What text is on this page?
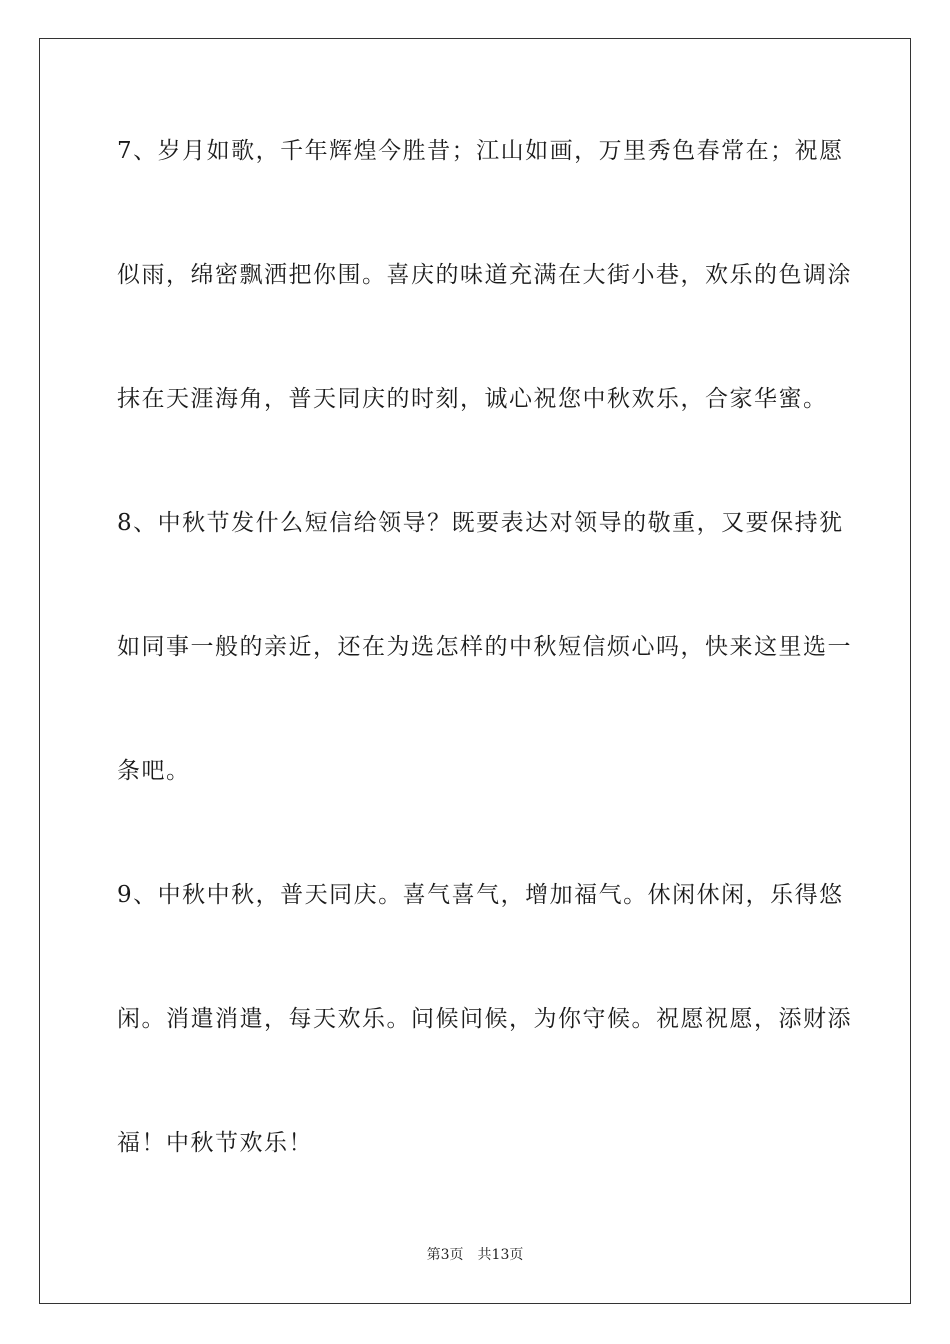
7、岁月如歌，千年辉煌今胜昔；江山如画，万里秀色春常在；祝愿
似雨，绵密飘洒把你围。喜庆的味道充满在大街小巷，欢乐的色调涂
抹在天涯海角，普天同庆的时刻，诚心祝您中秋欢乐，合家华蜜。
8、中秋节发什么短信给领导？既要表达对领导的敬重，又要保持犹
如同事一般的亲近，还在为选怎样的中秋短信烦心吗，快来这里选一
条吧。
9、中秋中秋，普天同庆。喜气喜气，增加福气。休闲休闲，乐得悠
闲。消遣消遣，每天欢乐。问候问候，为你守候。祝愿祝愿，添财添
福！中秋节欢乐！
第3页 共13页
